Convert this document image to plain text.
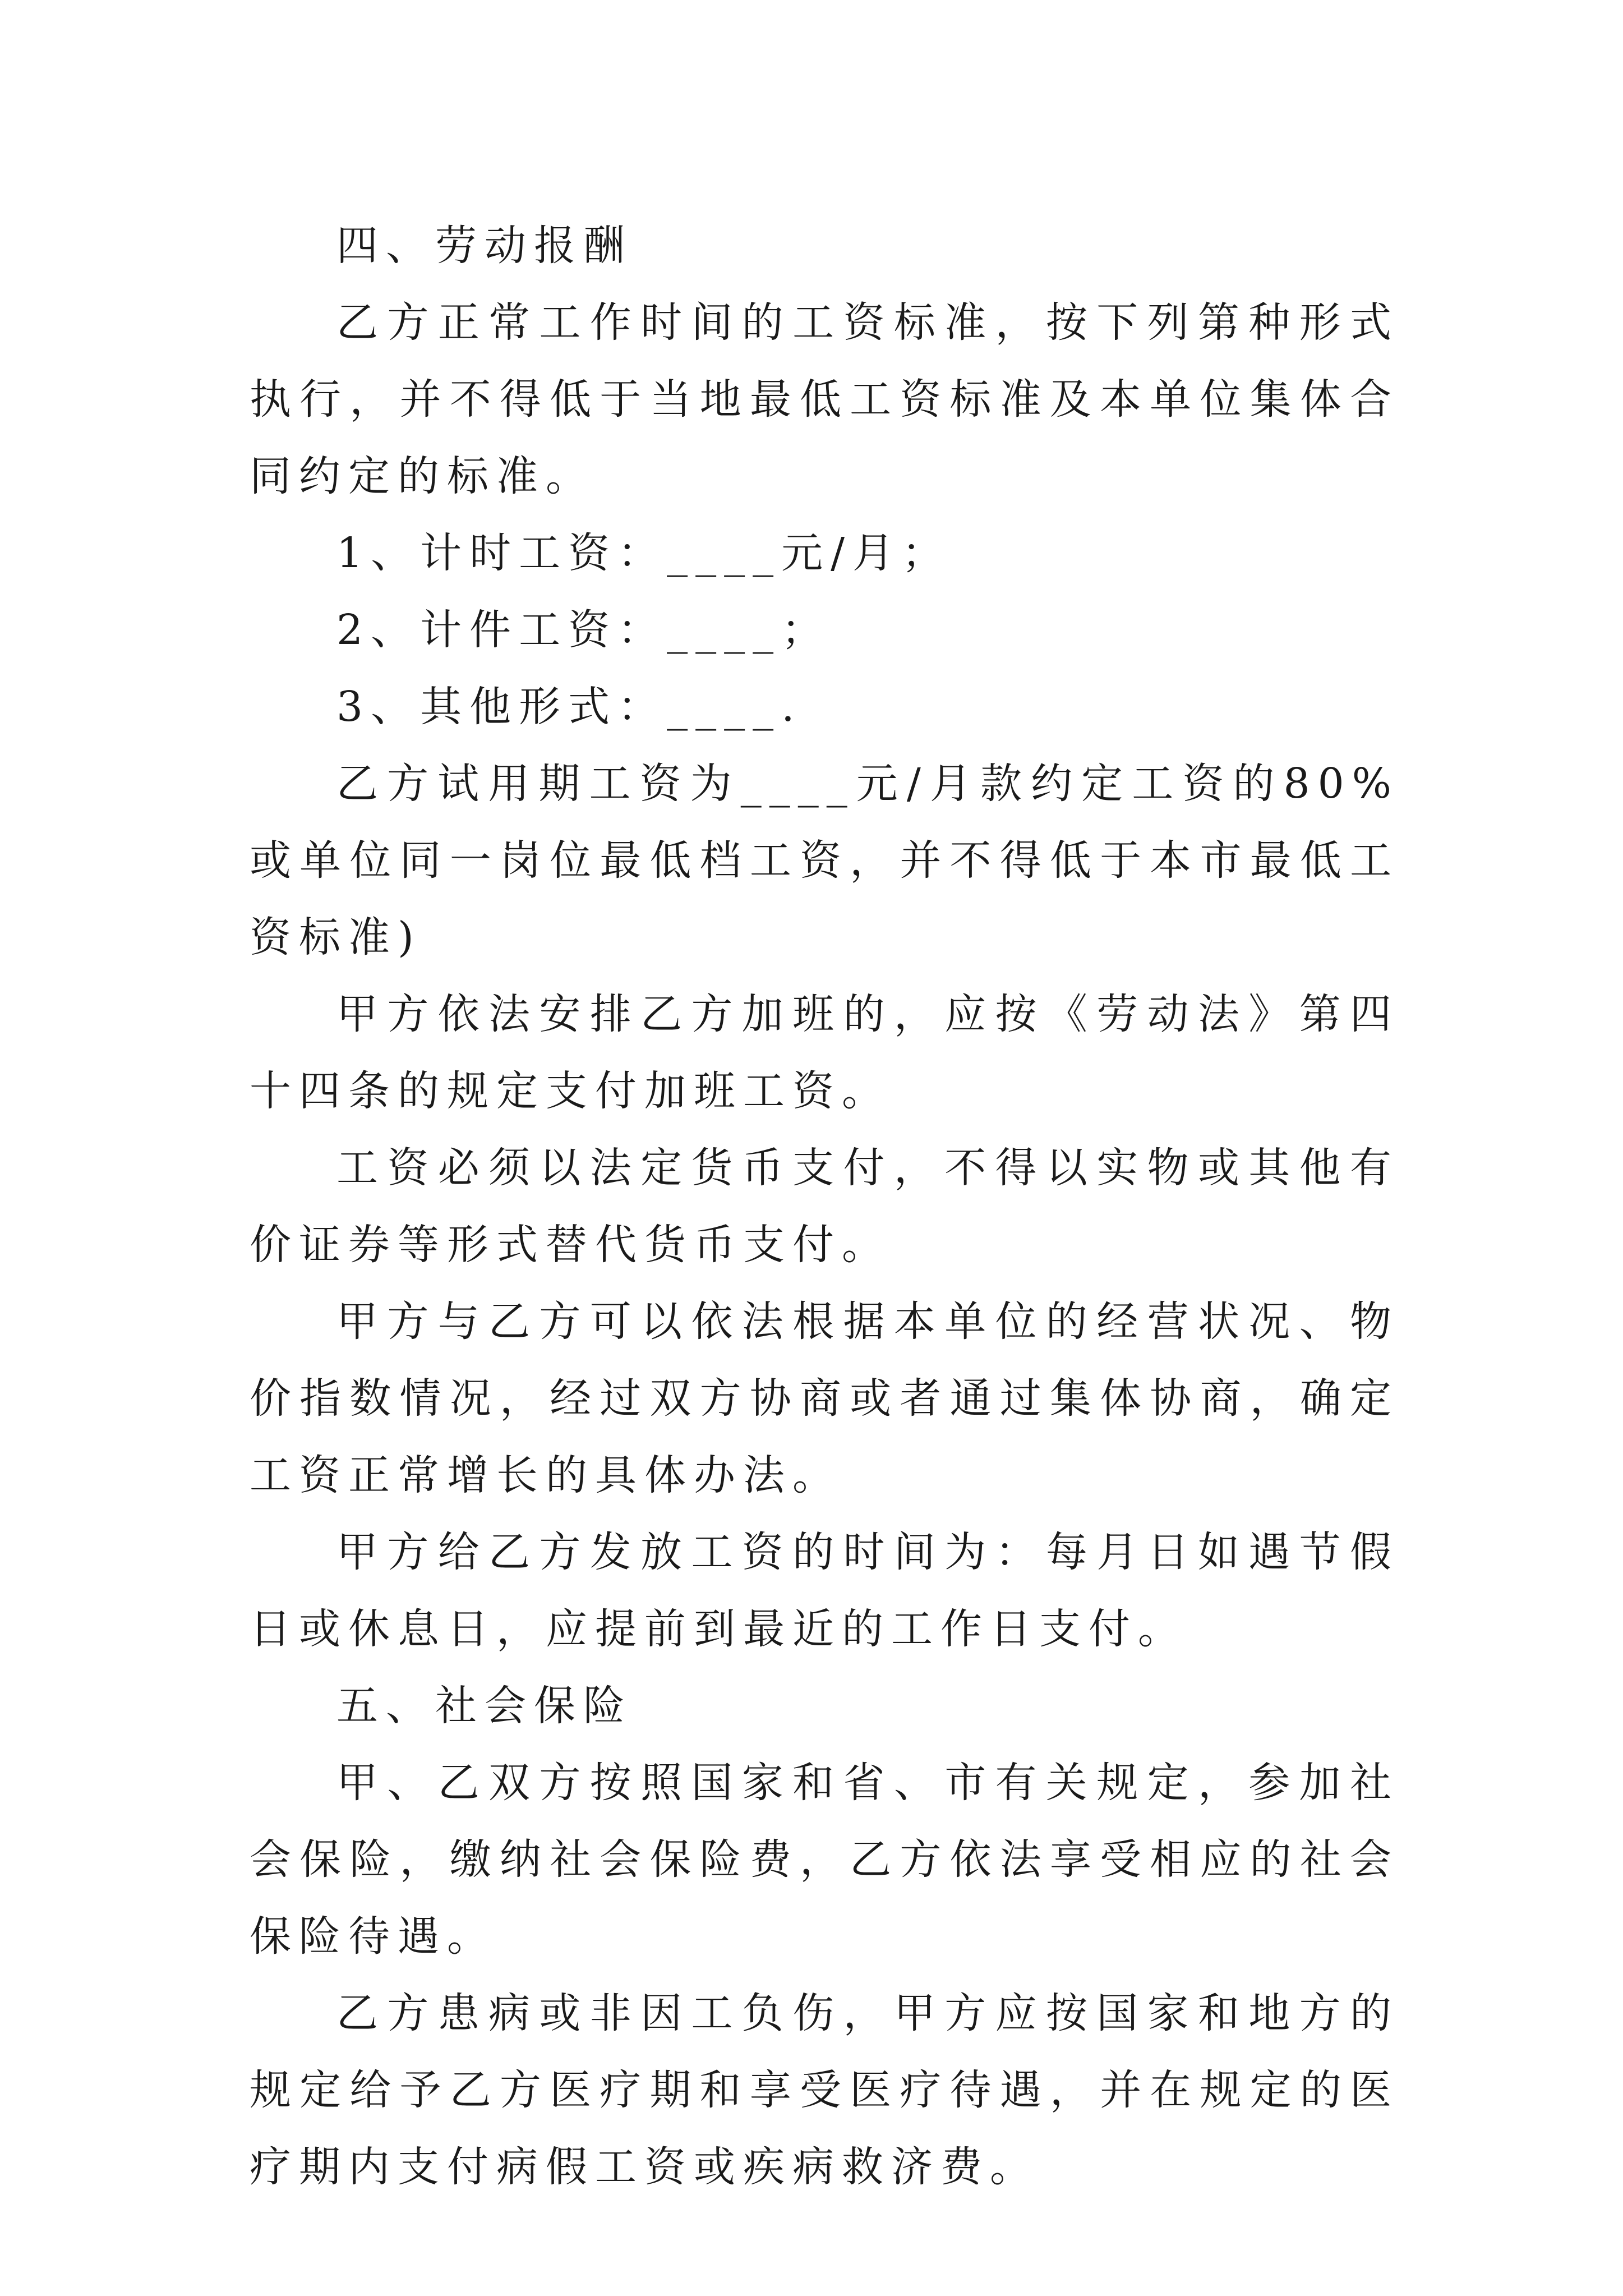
四、劳动报酬

乙方正常工作时间的工资标准，按下列第种形式执行，并不得低于当地最低工资标准及本单位集体合同约定的标准。

1、计时工资：____元/月；

2、计件工资：____；

3、其他形式：____.

乙方试用期工资为____元/月款约定工资的80%或单位同一岗位最低档工资，并不得低于本市最低工资标准)

甲方依法安排乙方加班的，应按《劳动法》第四十四条的规定支付加班工资。

工资必须以法定货币支付，不得以实物或其他有价证券等形式替代货币支付。

甲方与乙方可以依法根据本单位的经营状况、物价指数情况，经过双方协商或者通过集体协商，确定工资正常增长的具体办法。

甲方给乙方发放工资的时间为：每月日如遇节假日或休息日，应提前到最近的工作日支付。

五、社会保险

甲、乙双方按照国家和省、市有关规定，参加社会保险，缴纳社会保险费，乙方依法享受相应的社会保险待遇。

乙方患病或非因工负伤，甲方应按国家和地方的规定给予乙方医疗期和享受医疗待遇，并在规定的医疗期内支付病假工资或疾病救济费。
